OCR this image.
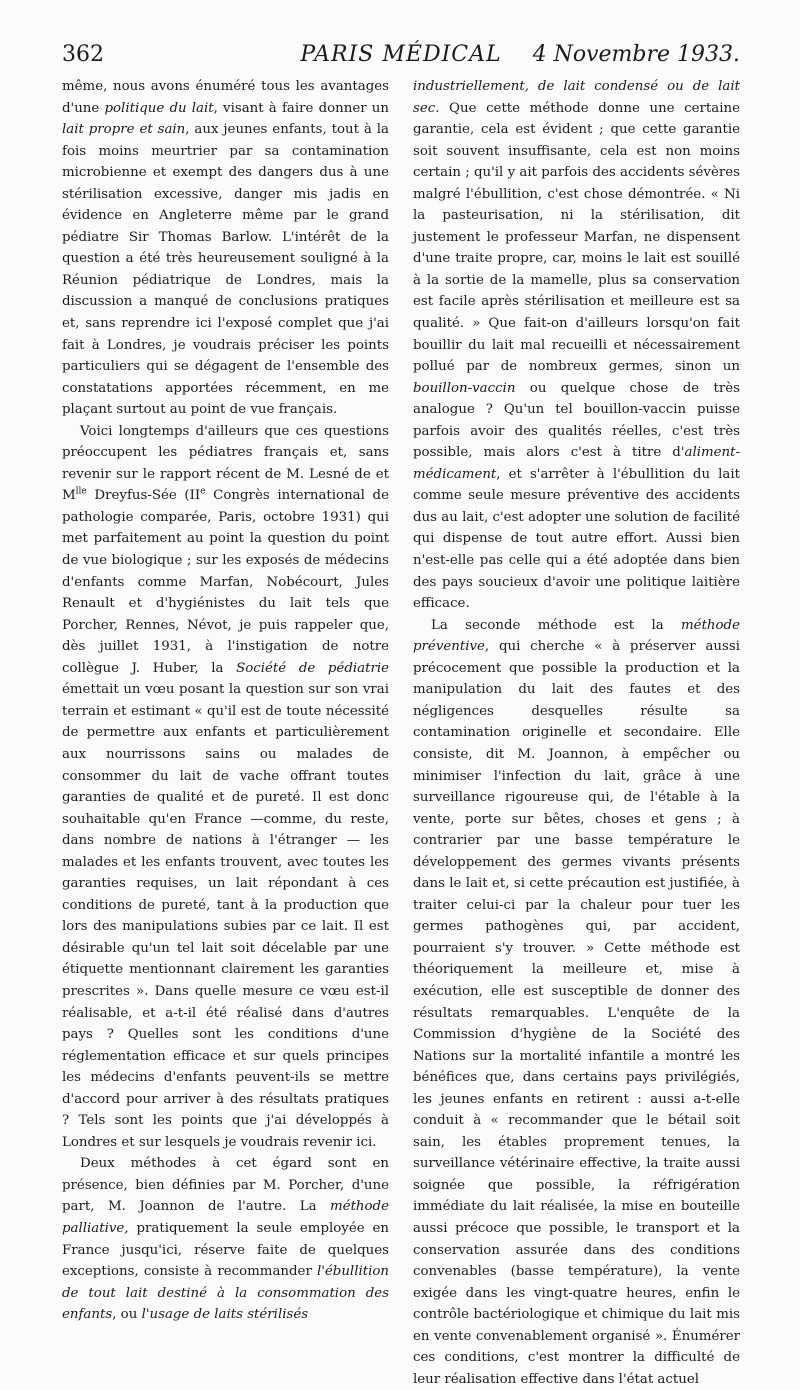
362	PARIS MÉDICAL	4 Novembre 1933.

même, nous avons énuméré tous les avantages d'une politique du lait, visant à faire donner un lait propre et sain, aux jeunes enfants, tout à la fois moins meurtrier par sa contamination microbienne et exempt des dangers dus à une stérilisation excessive, danger mis jadis en évidence en Angleterre même par le grand pédiatre Sir Thomas Barlow. L'intérêt de la question a été très heureusement souligné à la Réunion pédiatrique de Londres, mais la discussion a manqué de conclusions pratiques et, sans reprendre ici l'exposé complet que j'ai fait à Londres, je voudrais préciser les points particuliers qui se dégagent de l'ensemble des constatations apportées récemment, en me plaçant surtout au point de vue français.

Voici longtemps d'ailleurs que ces questions préoccupent les pédiatres français et, sans revenir sur le rapport récent de M. Lesné de et $M^{lle}$ Dreyfus-Sée (IIe Congrès international de pathologie comparée, Paris, octobre 1931) qui met parfaitement au point la question du point de vue biologique ; sur les exposés de médecins d'enfants comme Marfan, Nobécourt, Jules Renault et d'hygiénistes du lait tels que Porcher, Rennes, Névot, je puis rappeler que, dès juillet 1931, à l'instigation de notre collègue J. Huber, la Société de pédiatrie émettait un vœu posant la question sur son vrai terrain et estimant « qu'il est de toute nécessité de permettre aux enfants et particulièrement aux nourrissons sains ou malades de consommer du lait de vache offrant toutes garanties de qualité et de pureté. Il est donc souhaitable qu'en France —comme, du reste, dans nombre de nations à l'étranger — les malades et les enfants trouvent, avec toutes les garanties requises, un lait répondant à ces conditions de pureté, tant à la production que lors des manipulations subies par ce lait. Il est désirable qu'un tel lait soit décelable par une étiquette mentionnant clairement les garanties prescrites ». Dans quelle mesure ce vœu est-il réalisable, et a-t-il été réalisé dans d'autres pays ? Quelles sont les conditions d'une réglementation efficace et sur quels principes les médecins d'enfants peuvent-ils se mettre d'accord pour arriver à des résultats pratiques ? Tels sont les points que j'ai développés à Londres et sur lesquels je voudrais revenir ici.

Deux méthodes à cet égard sont en présence, bien définies par M. Porcher, d'une part, M. Joannon de l'autre. La méthode palliative, pratiquement la seule employée en France jusqu'ici, réserve faite de quelques exceptions, consiste à recommander l'ébullition de tout lait destiné à la consommation des enfants, ou l'usage de laits stérilisés

industriellement, de lait condensé ou de lait sec. Que cette méthode donne une certaine garantie, cela est évident ; que cette garantie soit souvent insuffisante, cela est non moins certain ; qu'il y ait parfois des accidents sévères malgré l'ébullition, c'est chose démontrée. « Ni la pasteurisation, ni la stérilisation, dit justement le professeur Marfan, ne dispensent d'une traite propre, car, moins le lait est souillé à la sortie de la mamelle, plus sa conservation est facile après stérilisation et meilleure est sa qualité. » Que fait-on d'ailleurs lorsqu'on fait bouillir du lait mal recueilli et nécessairement pollué par de nombreux germes, sinon un bouillon-vaccin ou quelque chose de très analogue ? Qu'un tel bouillon-vaccin puisse parfois avoir des qualités réelles, c'est très possible, mais alors c'est à titre d'aliment-médicament, et s'arrêter à l'ébullition du lait comme seule mesure préventive des accidents dus au lait, c'est adopter une solution de facilité qui dispense de tout autre effort. Aussi bien n'est-elle pas celle qui a été adoptée dans bien des pays soucieux d'avoir une politique laitière efficace.

La seconde méthode est la méthode préventive, qui cherche « à préserver aussi précocement que possible la production et la manipulation du lait des fautes et des négligences desquelles résulte sa contamination originelle et secondaire. Elle consiste, dit M. Joannon, à empêcher ou minimiser l'infection du lait, grâce à une surveillance rigoureuse qui, de l'étable à la vente, porte sur bêtes, choses et gens ; à contrarier par une basse température le développement des germes vivants présents dans le lait et, si cette précaution est justifiée, à traiter celui-ci par la chaleur pour tuer les germes pathogènes qui, par accident, pourraient s'y trouver. » Cette méthode est théoriquement la meilleure et, mise à exécution, elle est susceptible de donner des résultats remarquables. L'enquête de la Commission d'hygiène de la Société des Nations sur la mortalité infantile a montré les bénéfices que, dans certains pays privilégiés, les jeunes enfants en retirent : aussi a-t-elle conduit à « recommander que le bétail soit sain, les étables proprement tenues, la surveillance vétérinaire effective, la traite aussi soignée que possible, la réfrigération immédiate du lait réalisée, la mise en bouteille aussi précoce que possible, le transport et la conservation assurée dans des conditions convenables (basse température), la vente exigée dans les vingt-quatre heures, enfin le contrôle bactériologique et chimique du lait mis en vente convenablement organisé ». Énumérer ces conditions, c'est montrer la difficulté de leur réalisation effective dans l'état actuel
